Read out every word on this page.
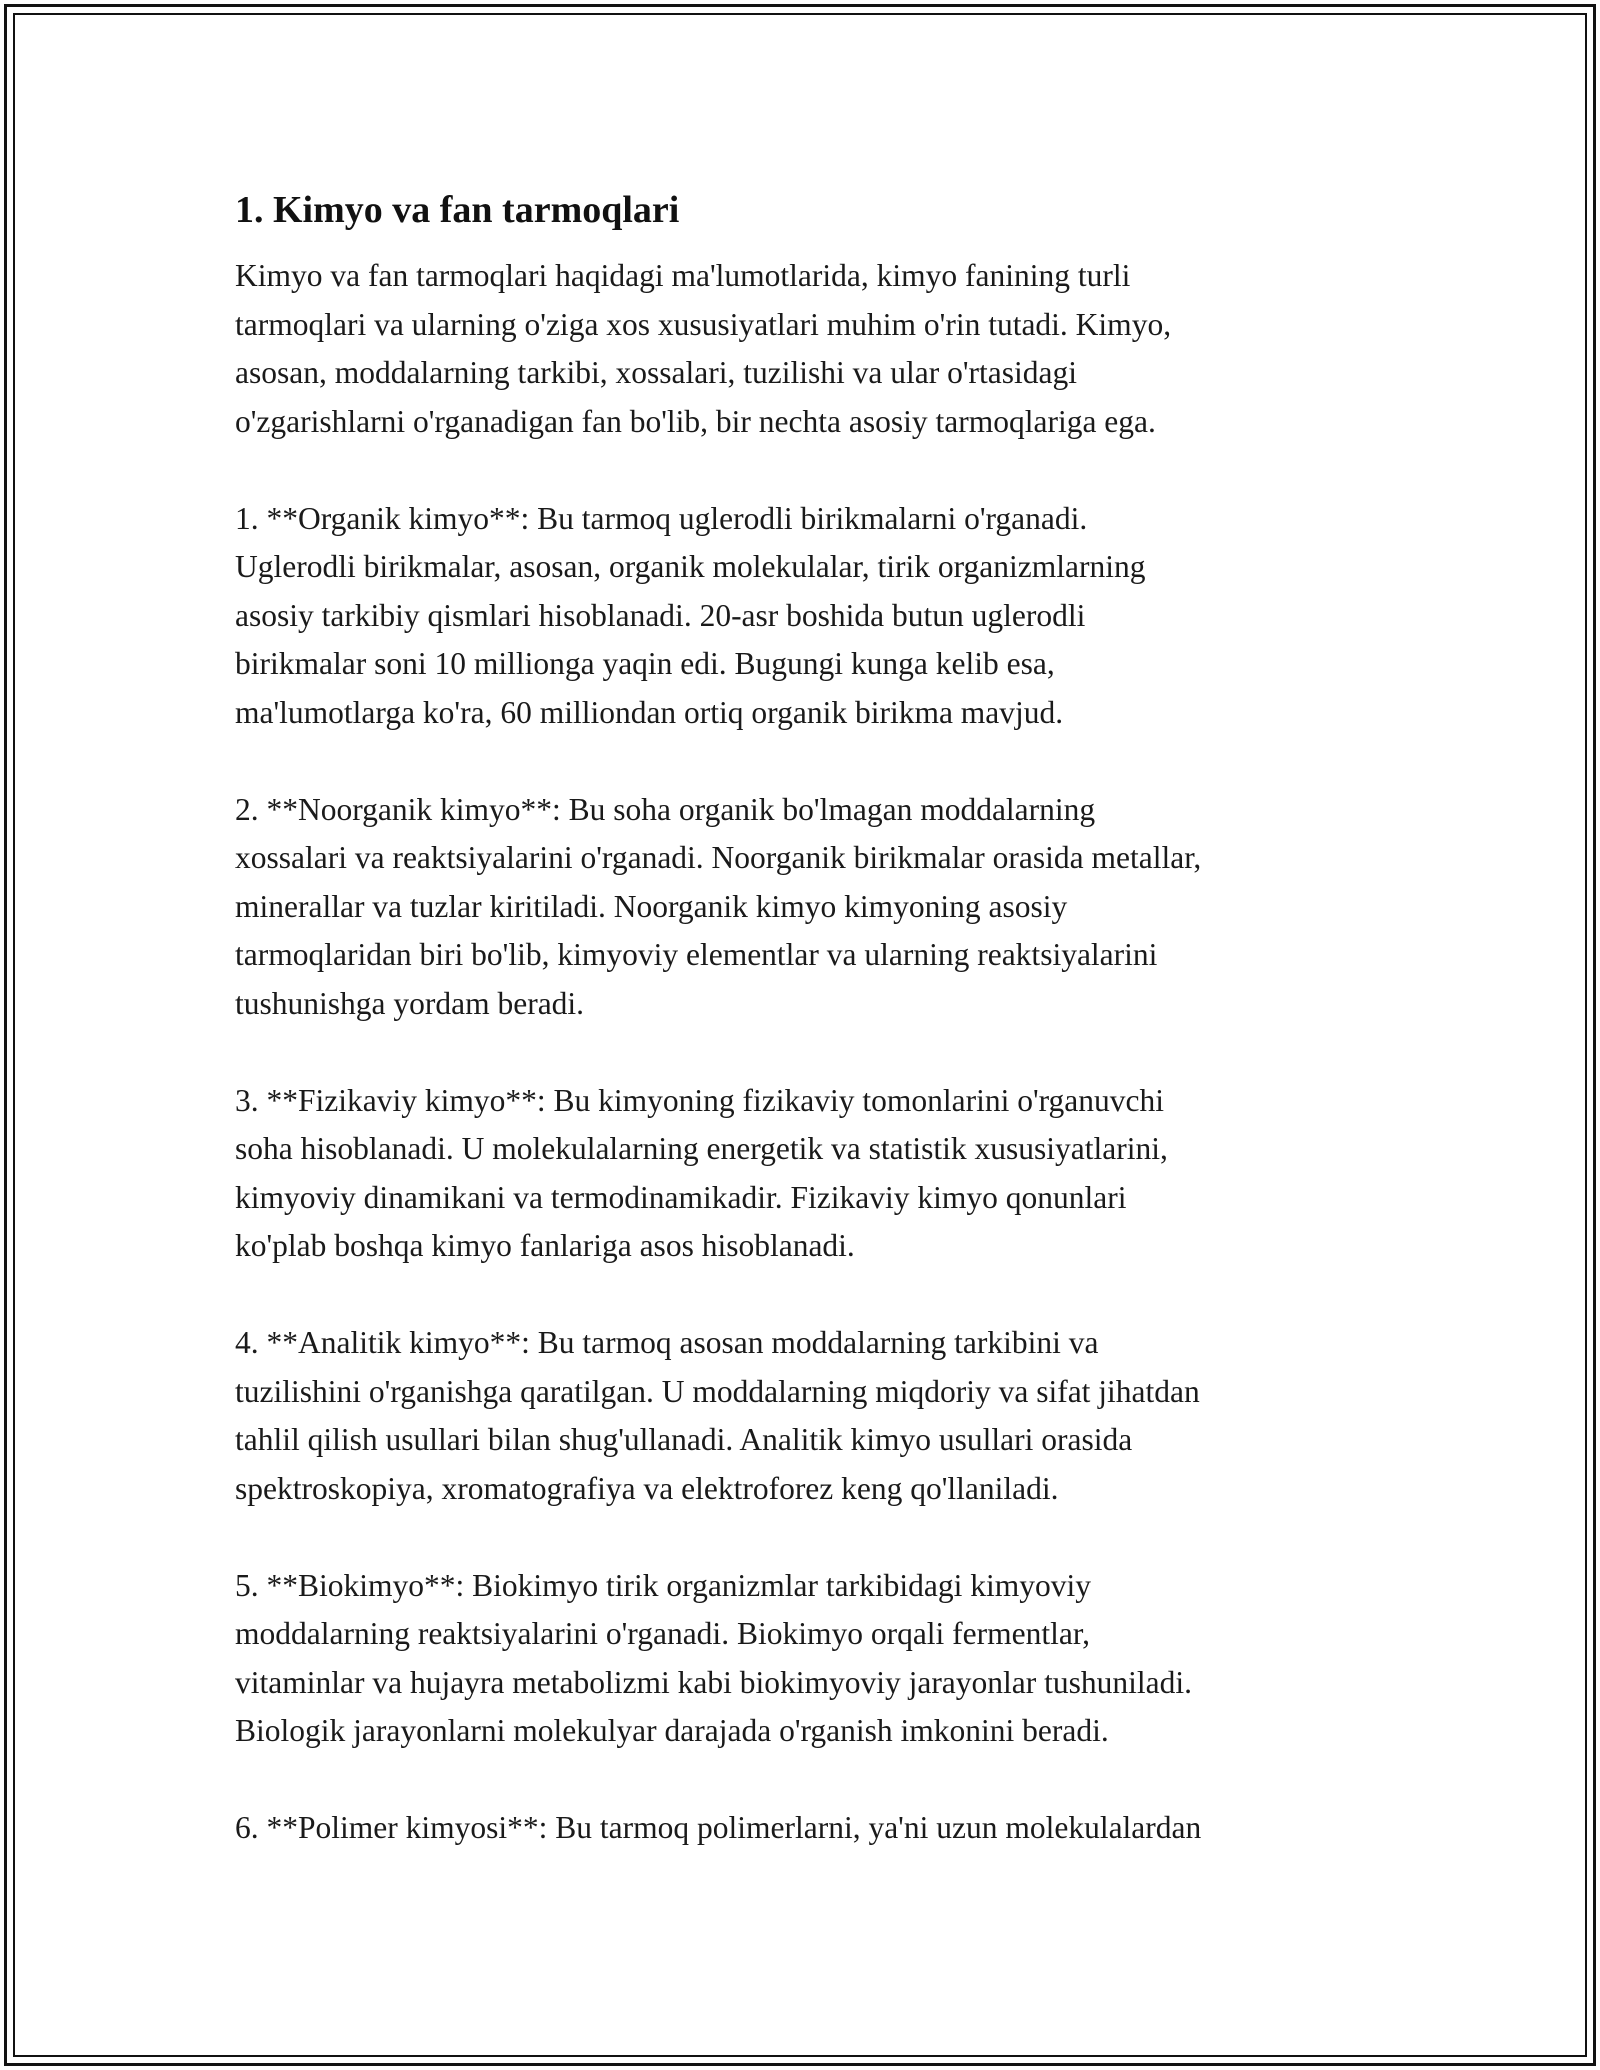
1. Kimyo va fan tarmoqlari

Kimyo va fan tarmoqlari haqidagi ma'lumotlarida, kimyo fanining turli
tarmoqlari va ularning o'ziga xos xususiyatlari muhim o'rin tutadi. Kimyo,
asosan, moddalarning tarkibi, xossalari, tuzilishi va ular o'rtasidagi
o'zgarishlarni o'rganadigan fan bo'lib, bir nechta asosiy tarmoqlariga ega.

1. **Organik kimyo**: Bu tarmoq uglerodli birikmalarni o'rganadi.
Uglerodli birikmalar, asosan, organik molekulalar, tirik organizmlarning
asosiy tarkibiy qismlari hisoblanadi. 20-asr boshida butun uglerodli
birikmalar soni 10 millionga yaqin edi. Bugungi kunga kelib esa,
ma'lumotlarga ko'ra, 60 milliondan ortiq organik birikma mavjud.

2. **Noorganik kimyo**: Bu soha organik bo'lmagan moddalarning
xossalari va reaktsiyalarini o'rganadi. Noorganik birikmalar orasida metallar,
minerallar va tuzlar kiritiladi. Noorganik kimyo kimyoning asosiy
tarmoqlaridan biri bo'lib, kimyoviy elementlar va ularning reaktsiyalarini
tushunishga yordam beradi.

3. **Fizikaviy kimyo**: Bu kimyoning fizikaviy tomonlarini o'rganuvchi
soha hisoblanadi. U molekulalarning energetik va statistik xususiyatlarini,
kimyoviy dinamikani va termodinamikadir. Fizikaviy kimyo qonunlari
ko'plab boshqa kimyo fanlariga asos hisoblanadi.

4. **Analitik kimyo**: Bu tarmoq asosan moddalarning tarkibini va
tuzilishini o'rganishga qaratilgan. U moddalarning miqdoriy va sifat jihatdan
tahlil qilish usullari bilan shug'ullanadi. Analitik kimyo usullari orasida
spektroskopiya, xromatografiya va elektroforez keng qo'llaniladi.

5. **Biokimyo**: Biokimyo tirik organizmlar tarkibidagi kimyoviy
moddalarning reaktsiyalarini o'rganadi. Biokimyo orqali fermentlar,
vitaminlar va hujayra metabolizmi kabi biokimyoviy jarayonlar tushuniladi.
Biologik jarayonlarni molekulyar darajada o'rganish imkonini beradi.

6. **Polimer kimyosi**: Bu tarmoq polimerlarni, ya'ni uzun molekulalardan
